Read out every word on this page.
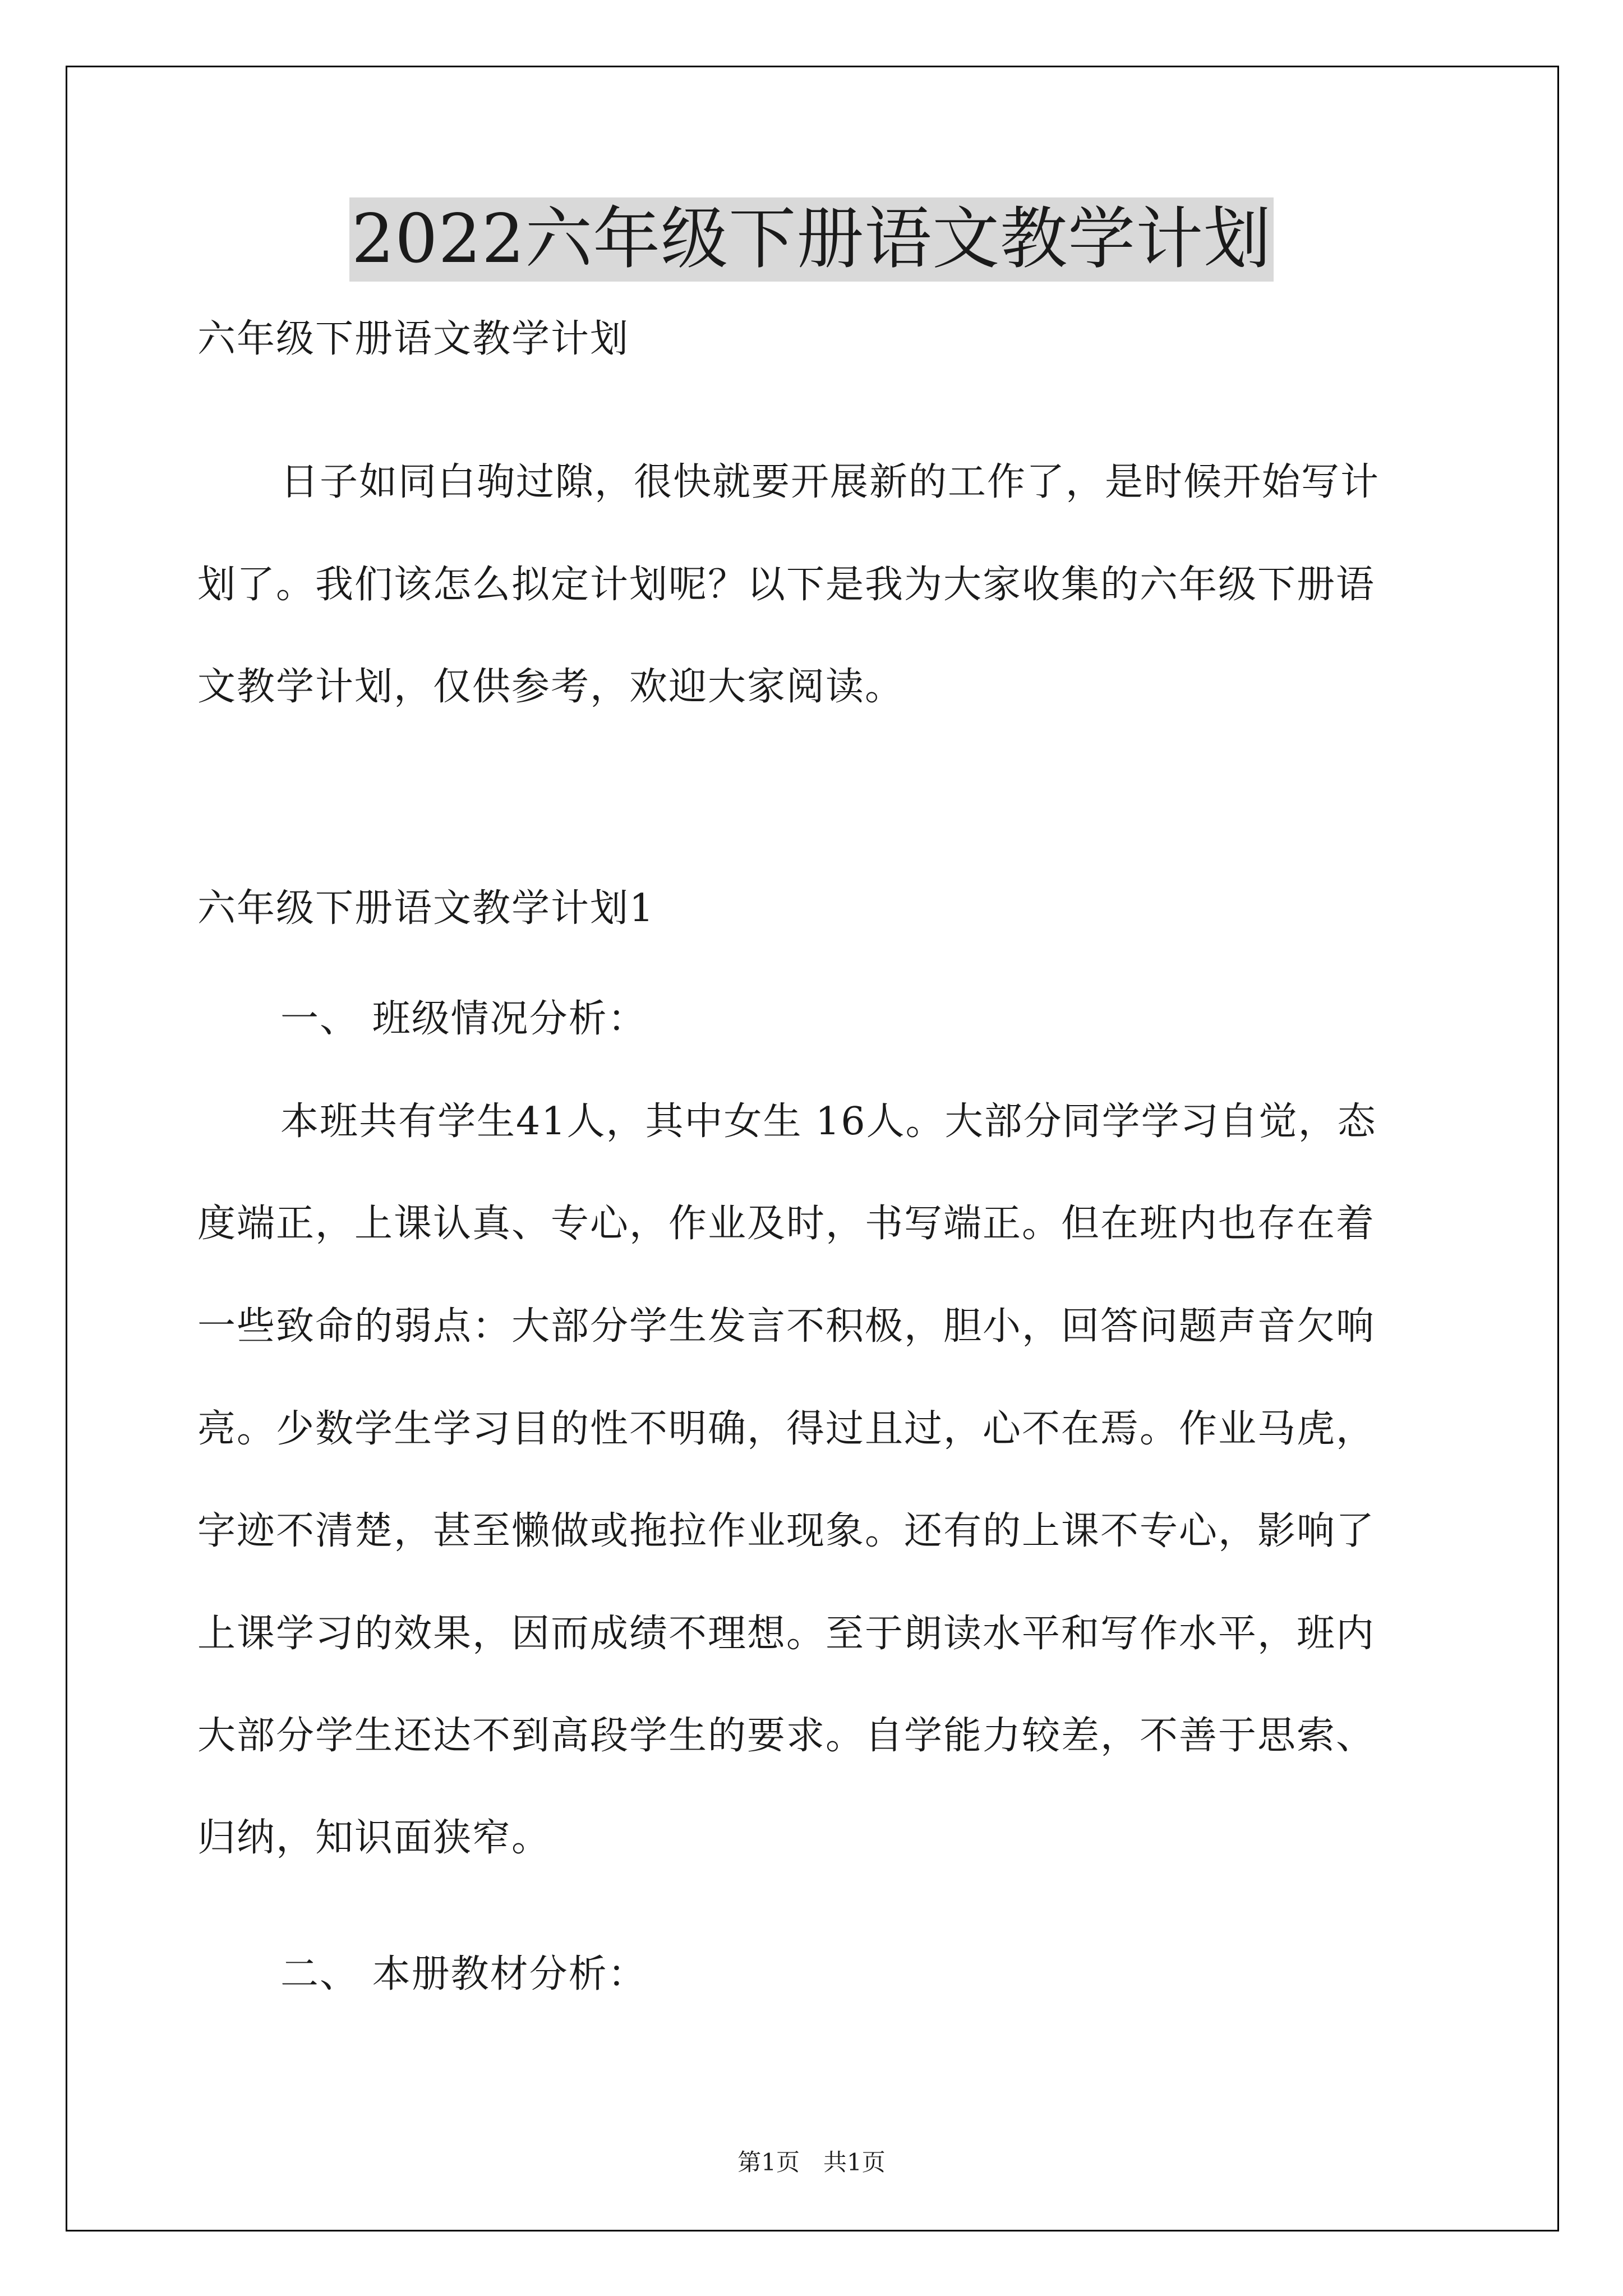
2022六年级下册语文教学计划
六年级下册语文教学计划
日子如同白驹过隙，很快就要开展新的工作了，是时候开始写计
划了。我们该怎么拟定计划呢？以下是我为大家收集的六年级下册语
文教学计划，仅供参考，欢迎大家阅读。
六年级下册语文教学计划1
一、 班级情况分析：
本班共有学生41人，其中女生 16人。大部分同学学习自觉，态
度端正，上课认真、专心，作业及时，书写端正。但在班内也存在着
一些致命的弱点：大部分学生发言不积极，胆小，回答问题声音欠响
亮。少数学生学习目的性不明确，得过且过，心不在焉。作业马虎，
字迹不清楚，甚至懒做或拖拉作业现象。还有的上课不专心，影响了
上课学习的效果，因而成绩不理想。至于朗读水平和写作水平，班内
大部分学生还达不到高段学生的要求。自学能力较差，不善于思索、
归纳，知识面狭窄。
二、 本册教材分析：
第1页　共1页
